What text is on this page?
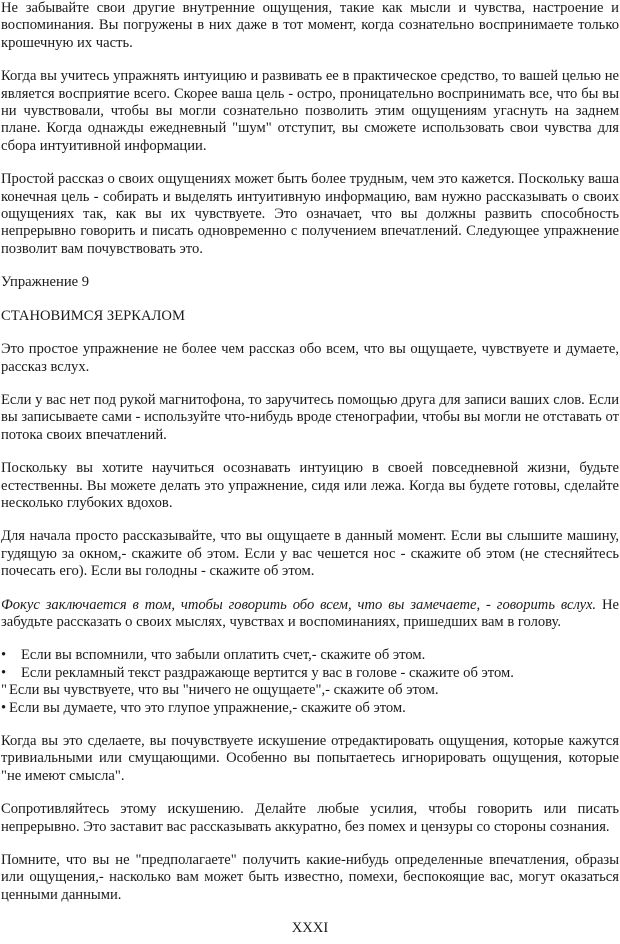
Не забывайте свои другие внутренние ощущения, такие как мысли и чувства, настроение и воспоминания. Вы погружены в них даже в тот момент, когда сознательно воспринимаете только крошечную их часть.

Когда вы учитесь упражнять интуицию и развивать ее в практическое средство, то вашей целью не является восприятие всего. Скорее ваша цель - остро, проницательно воспринимать все, что бы вы ни чувствовали, чтобы вы могли сознательно позволить этим ощущениям угаснуть на заднем плане. Когда однажды ежедневный "шум" отступит, вы сможете использовать свои чувства для сбора интуитивной информации.

Простой рассказ о своих ощущениях может быть более трудным, чем это кажется. Поскольку ваша конечная цель - собирать и выделять интуитивную информацию, вам нужно рассказывать о своих ощущениях так, как вы их чувствуете. Это означает, что вы должны развить способность непрерывно говорить и писать одновременно с получением впечатлений. Следующее упражнение позволит вам почувствовать это.

Упражнение 9

СТАНОВИМСЯ ЗЕРКАЛОМ

Это простое упражнение не более чем рассказ обо всем, что вы ощущаете, чувствуете и думаете, рассказ вслух.

Если у вас нет под рукой магнитофона, то заручитесь помощью друга для записи ваших слов. Если вы записываете сами - используйте что-нибудь вроде стенографии, чтобы вы могли не отставать от потока своих впечатлений.

Поскольку вы хотите научиться осознавать интуицию в своей повседневной жизни, будьте естественны. Вы можете делать это упражнение, сидя или лежа. Когда вы будете готовы, сделайте несколько глубоких вдохов.

Для начала просто рассказывайте, что вы ощущаете в данный момент. Если вы слышите машину, гудящую за окном,- скажите об этом. Если у вас чешется нос - скажите об этом (не стесняйтесь почесать его). Если вы голодны - скажите об этом.

Фокус заключается в том, чтобы говорить обо всем, что вы замечаете, - говорить вслух. Не забудьте рассказать о своих мыслях, чувствах и воспоминаниях, пришедших вам в голову.

• Если вы вспомнили, что забыли оплатить счет,- скажите об этом.
• Если рекламный текст раздражающе вертится у вас в голове - скажите об этом.
" Если вы чувствуете, что вы "ничего не ощущаете",- скажите об этом.
• Если вы думаете, что это глупое упражнение,- скажите об этом.

Когда вы это сделаете, вы почувствуете искушение отредактировать ощущения, которые кажутся тривиальными или смущающими. Особенно вы попытаетесь игнорировать ощущения, которые "не имеют смысла".

Сопротивляйтесь этому искушению. Делайте любые усилия, чтобы говорить или писать непрерывно. Это заставит вас рассказывать аккуратно, без помех и цензуры со стороны сознания.

Помните, что вы не "предполагаете" получить какие-нибудь определенные впечатления, образы или ощущения,- насколько вам может быть известно, помехи, беспокоящие вас, могут оказаться ценными данными.

XXXI
